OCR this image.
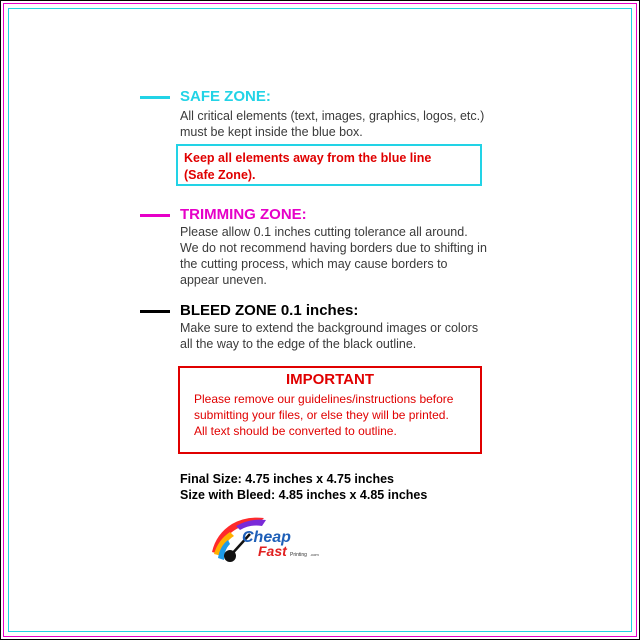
SAFE ZONE:
All critical elements (text, images, graphics, logos, etc.)
must be kept inside the blue box.
Keep all elements away from the blue line
(Safe Zone).
TRIMMING ZONE:
Please allow 0.1 inches cutting tolerance all around.
We do not recommend having borders due to shifting in
the cutting process, which may cause borders to
appear uneven.
BLEED ZONE 0.1 inches:
Make sure to extend the background images or colors
all the way to the edge of the black outline.
IMPORTANT
Please remove our guidelines/instructions before
submitting your files, or else they will be printed.
All text should be converted to outline.
Final Size: 4.75 inches x 4.75 inches
Size with Bleed: 4.85 inches x 4.85 inches
Cheap
Fast Printing .com
